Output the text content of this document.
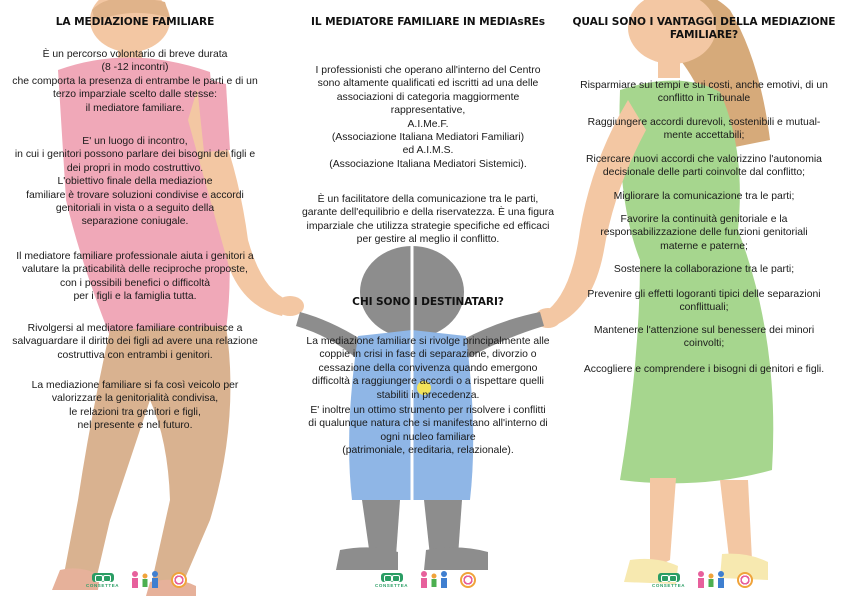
LA MEDIAZIONE FAMILIARE
È un percorso volontario di breve durata
(8 -12 incontri)
che comporta la presenza di entrambe le parti e di un
terzo imparziale scelto dalle stesse:
il mediatore familiare.
E' un luogo di incontro,
in cui i genitori possono parlare dei bisogni dei figli e
dei propri in modo costruttivo.
L'obiettivo finale della mediazione
familiare è trovare soluzioni condivise e accordi
genitoriali in vista o a seguito della
separazione coniugale.
Il mediatore familiare professionale aiuta i genitori a
valutare la praticabilità delle reciproche proposte,
con i possibili benefici o difficoltà
per i figli e la famiglia tutta.
Rivolgersi al mediatore familiare contribuisce a
salvaguardare il diritto dei figli ad avere una relazione
costruttiva con entrambi i genitori.
La mediazione familiare si fa così veicolo per
valorizzare la genitorialità condivisa,
le relazioni tra genitori e figli,
nel presente e nel futuro.
IL MEDIATORE FAMILIARE IN MEDIAsREs
I professionisti che operano all'interno del Centro
sono altamente qualificati ed iscritti ad una delle
associazioni di categoria maggiormente
rappresentative,
A.I.Me.F.
(Associazione Italiana Mediatori Familiari)
ed A.I.M.S.
(Associazione Italiana Mediatori Sistemici).
È un facilitatore della comunicazione tra le parti,
garante dell'equilibrio e della riservatezza. È una figura
imparziale che utilizza strategie specifiche ed efficaci
per gestire al meglio il conflitto.
CHI SONO I DESTINATARI?
La mediazione familiare si rivolge principalmente alle
coppie in crisi in fase di separazione, divorzio o
cessazione della convivenza quando emergono
difficoltà a raggiungere accordi o a rispettare quelli
stabiliti in precedenza.
E' inoltre un ottimo strumento per risolvere i conflitti
di qualunque natura che si manifestano all'interno di
ogni nucleo familiare
(patrimoniale, ereditaria, relazionale).
QUALI SONO I VANTAGGI DELLA MEDIAZIONE
FAMILIARE?
Risparmiare sui tempi e sui costi, anche emotivi, di un
conflitto in Tribunale
Raggiungere accordi durevoli, sostenibili e mutual-
mente accettabili;
Ricercare nuovi accordi che valorizzino l'autonomia
decisionale delle parti coinvolte dal conflitto;
Migliorare la comunicazione tra le parti;
Favorire la continuità genitoriale e la
responsabilizzazione delle funzioni genitoriali
materne e paterne;
Sostenere la collaborazione tra le parti;
Prevenire gli effetti logoranti tipici delle separazioni
conflittuali;
Mantenere l'attenzione sul benessere dei minori
coinvolti;
Accogliere e comprendere i bisogni di genitori e figli.
CONSETTEA	CONSETTEA	CONSETTEA
